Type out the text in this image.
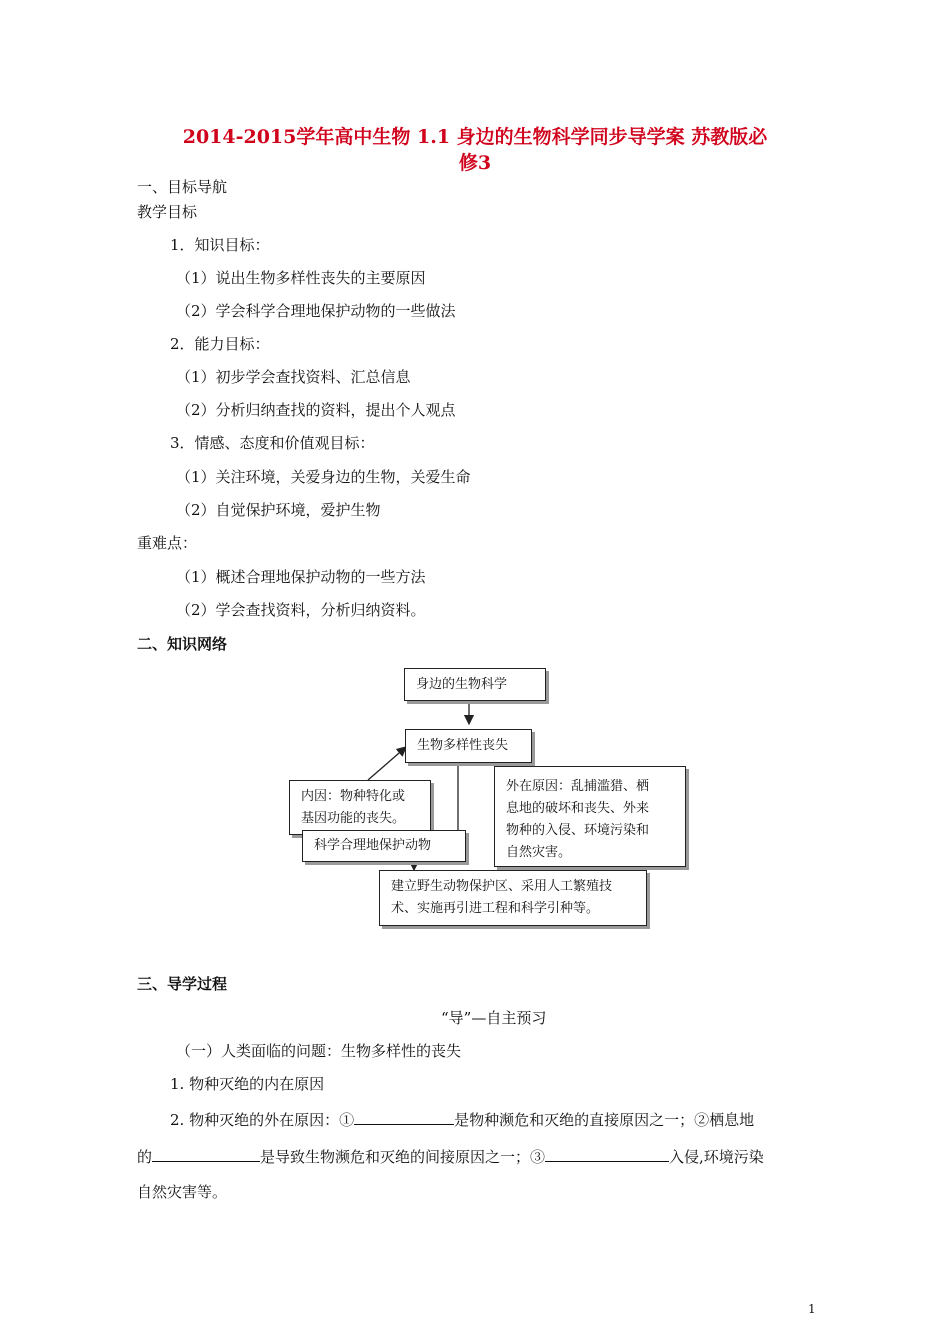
2014-2015学年高中生物 1.1 身边的生物科学同步导学案 苏教版必
修3
一、目标导航
教学目标
1．知识目标：
（1）说出生物多样性丧失的主要原因
（2）学会科学合理地保护动物的一些做法
2．能力目标：
（1）初步学会查找资料、汇总信息
（2）分析归纳查找的资料，提出个人观点
3．情感、态度和价值观目标：
（1）关注环境，关爱身边的生物，关爱生命
（2）自觉保护环境，爱护生物
重难点：
（1）概述合理地保护动物的一些方法
（2）学会查找资料，分析归纳资料。
二、知识网络
身边的生物科学
生物多样性丧失
内因：物种特化或
基因功能的丧失。
外在原因：乱捕滥猎、栖
息地的破坏和丧失、外来
物种的入侵、环境污染和
自然灾害。
科学合理地保护动物
建立野生动物保护区、采用人工繁殖技
术、实施再引进工程和科学引种等。
三、导学过程
“导”—自主预习
（一）人类面临的问题：生物多样性的丧失
1. 物种灭绝的内在原因
2. 物种灭绝的外在原因：①	是物种濒危和灭绝的直接原因之一；②栖息地
的	是导致生物濒危和灭绝的间接原因之一；③	入侵,环境污染
自然灾害等。
1
